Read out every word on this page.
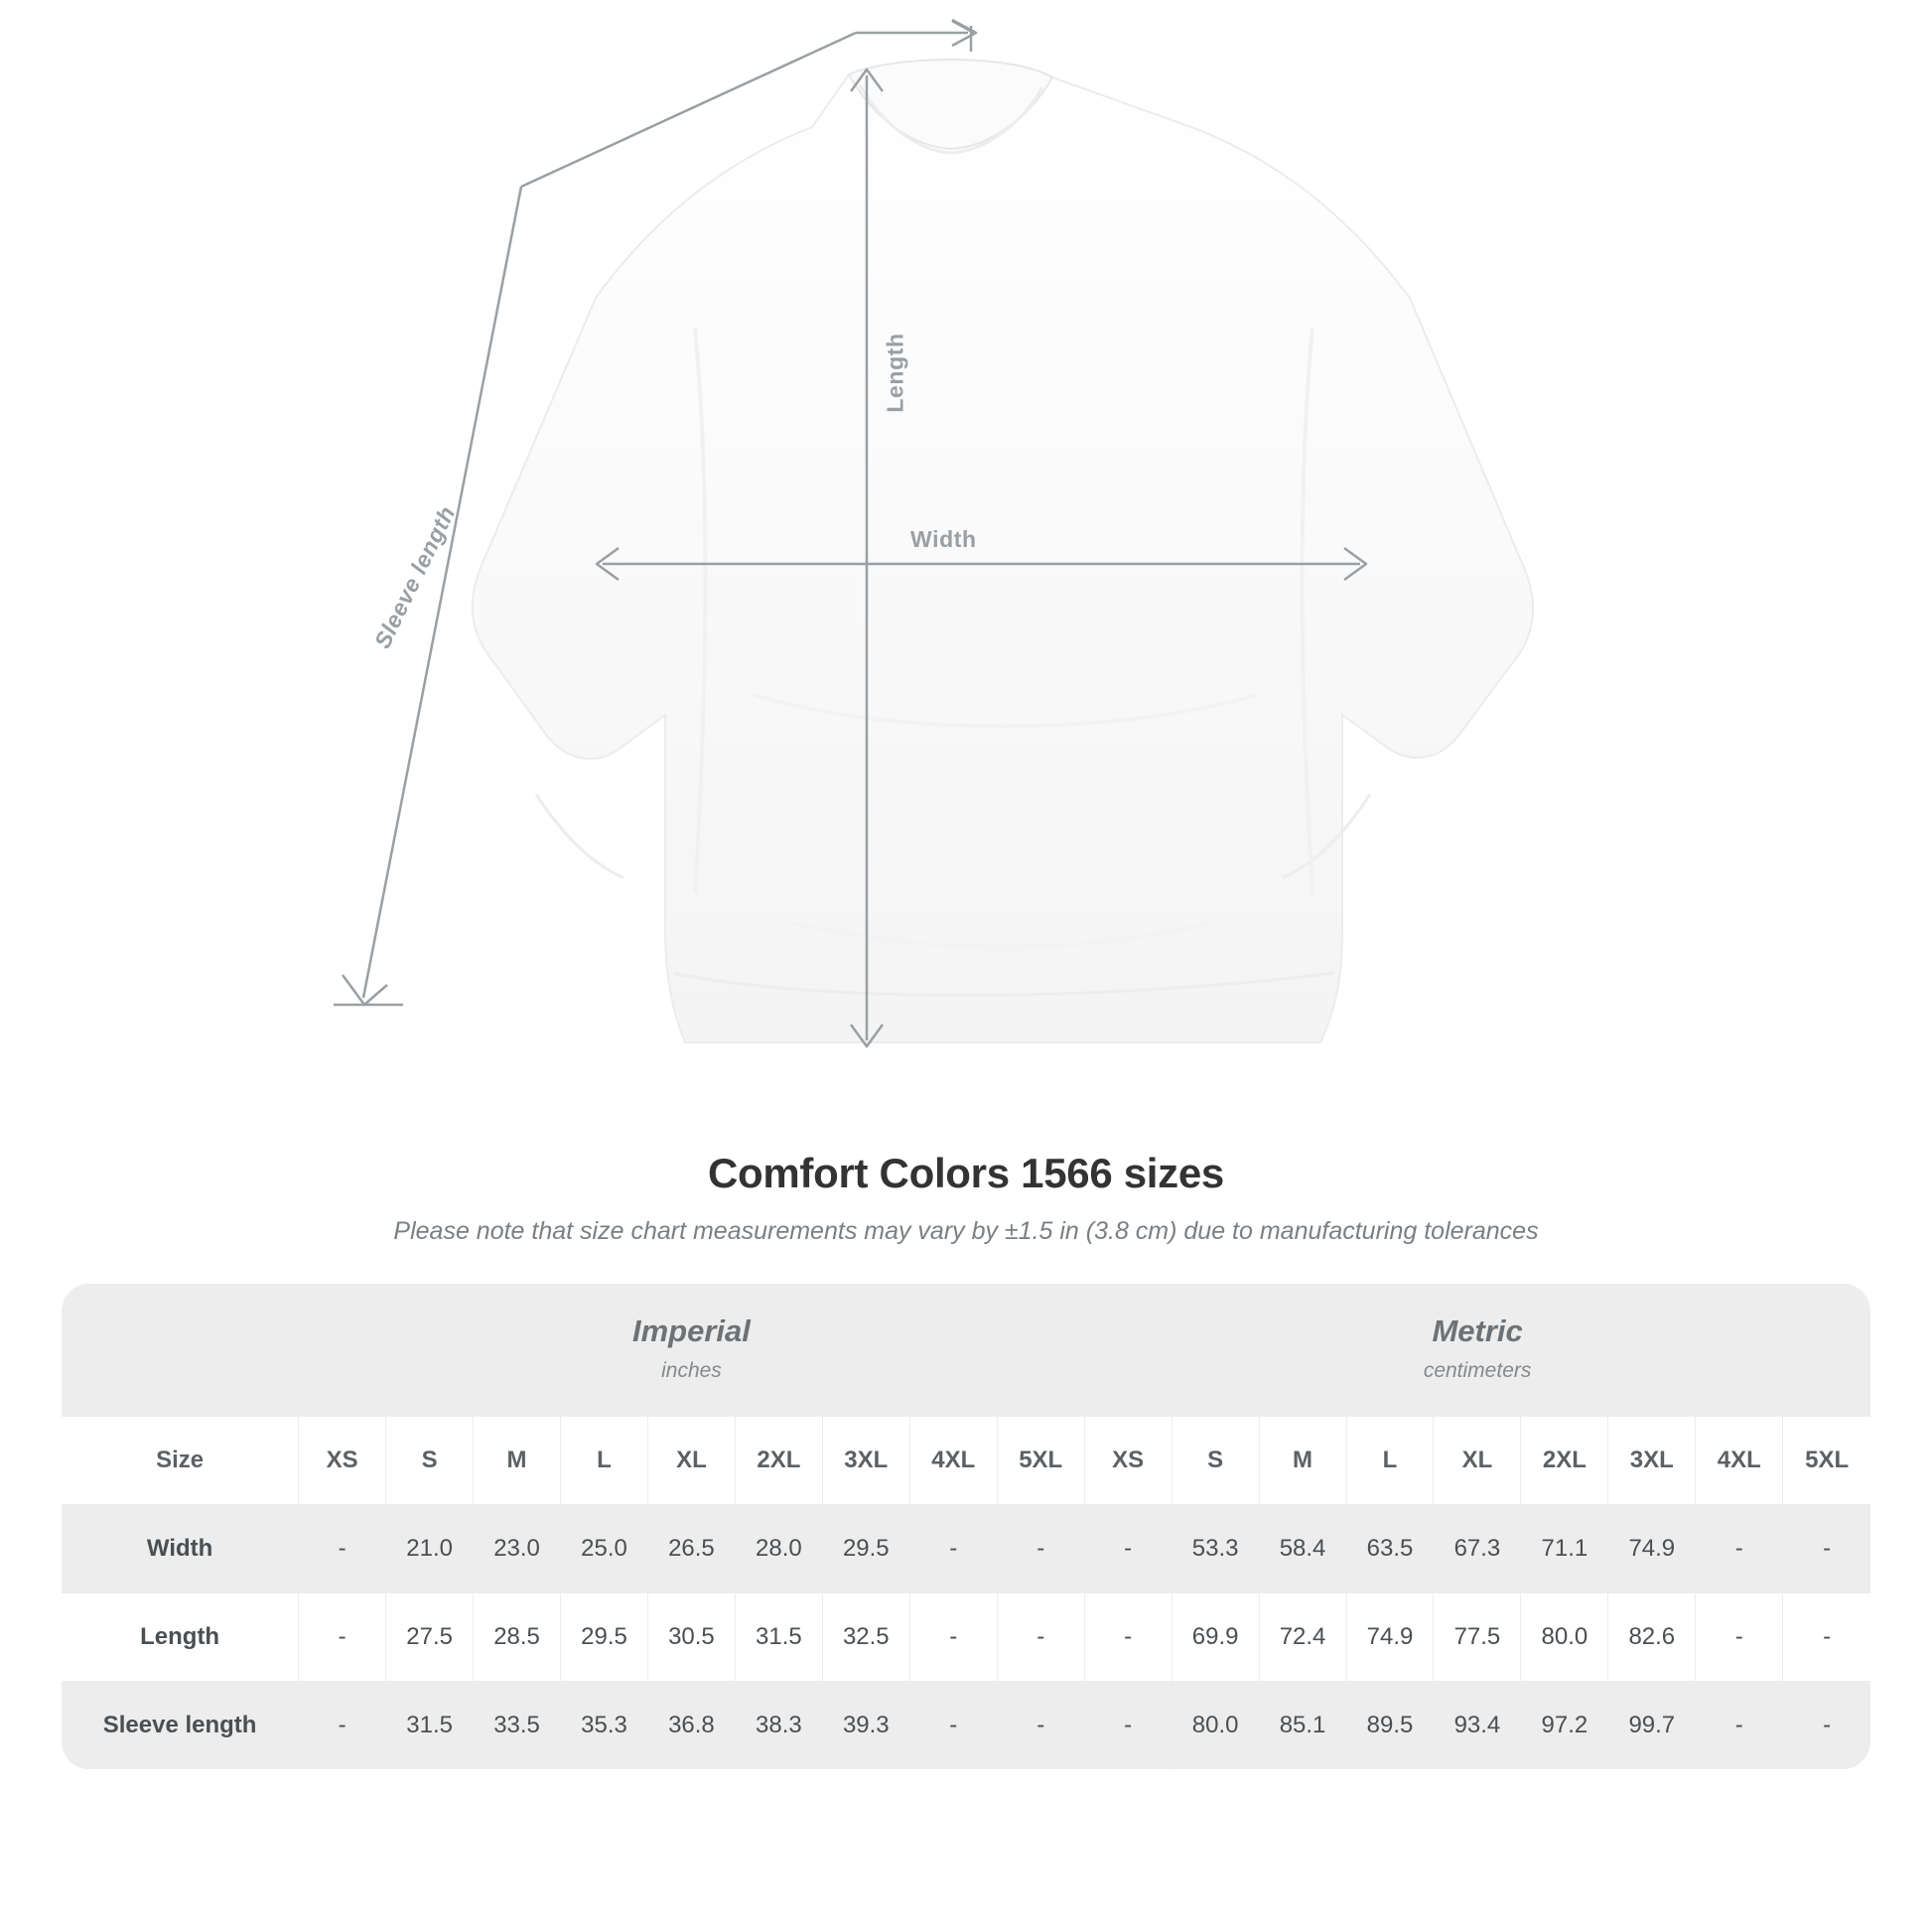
Length
Width
Sleeve length
Comfort Colors 1566 sizes
Please note that size chart measurements may vary by ±1.5 in (3.8 cm) due to manufacturing tolerances

Imperial
inches

Metric
centimeters

Size	XS	S	M	L	XL	2XL	3XL	4XL	5XL	XS	S	M	L	XL	2XL	3XL	4XL	5XL
Width	-	21.0	23.0	25.0	26.5	28.0	29.5	-	-	-	53.3	58.4	63.5	67.3	71.1	74.9	-	-
Length	-	27.5	28.5	29.5	30.5	31.5	32.5	-	-	-	69.9	72.4	74.9	77.5	80.0	82.6	-	-
Sleeve length	-	31.5	33.5	35.3	36.8	38.3	39.3	-	-	-	80.0	85.1	89.5	93.4	97.2	99.7	-	-
